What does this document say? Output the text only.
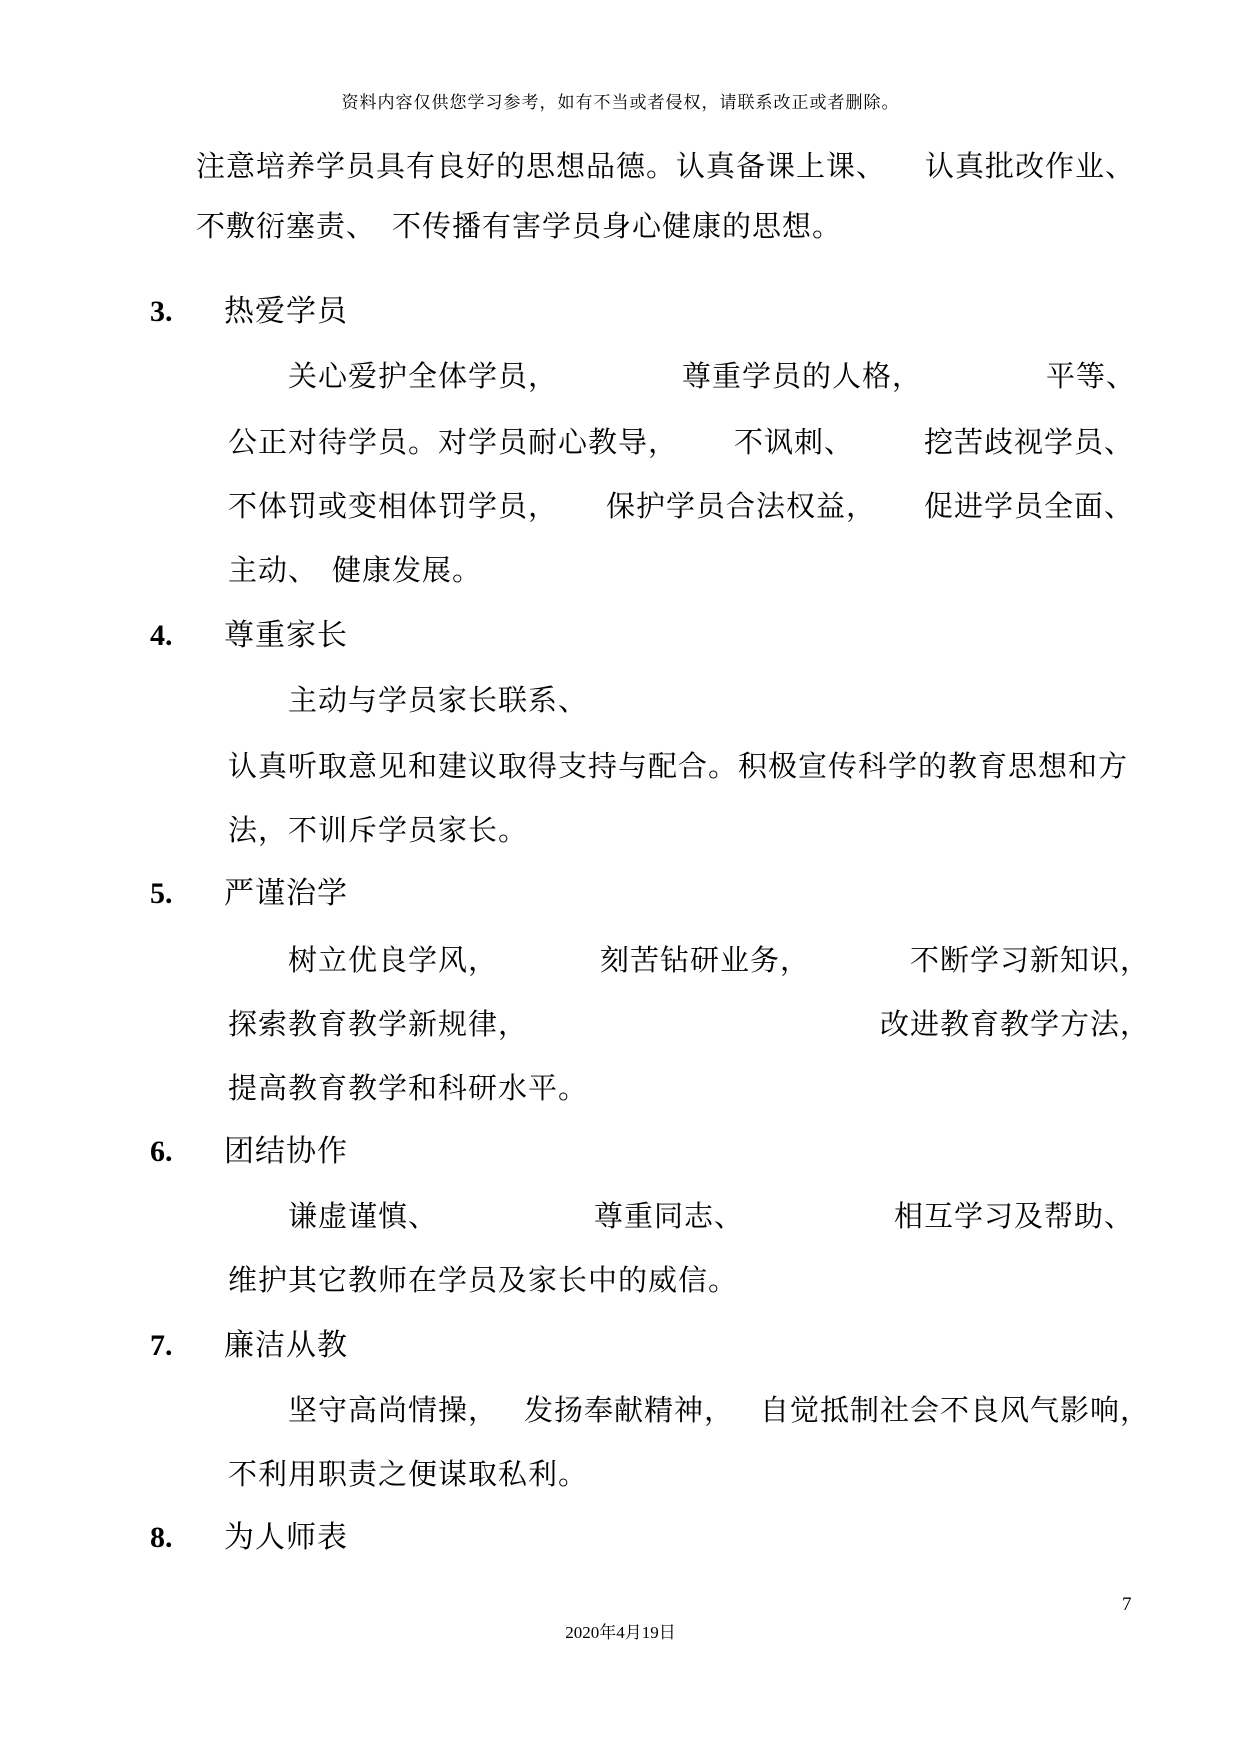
资料内容仅供您学习参考，如有不当或者侵权，请联系改正或者删除。
注意培养学员具有良好的思想品德。认真备课上课、 认真批改作业、
不敷衍塞责、 不传播有害学员身心健康的思想。
3. 热爱学员
关心爱护全体学员，	尊重学员的人格，	平等、
公正对待学员。对学员耐心教导， 不讽刺、 挖苦歧视学员、
不体罚或变相体罚学员， 保护学员合法权益， 促进学员全面、
主动、 健康发展。
4. 尊重家长
主动与学员家长联系、
认真听取意见和建议取得支持与配合。积极宣传科学的教育思想和方
法，不训斥学员家长。
5. 严谨治学
树立优良学风，	刻苦钻研业务，	不断学习新知识，
探索教育教学新规律，	改进教育教学方法，
提高教育教学和科研水平。
6. 团结协作
谦虚谨慎、	尊重同志、	相互学习及帮助、
维护其它教师在学员及家长中的威信。
7. 廉洁从教
坚守高尚情操， 发扬奉献精神， 自觉抵制社会不良风气影响，
不利用职责之便谋取私利。
8. 为人师表
7
2020年4月19日
